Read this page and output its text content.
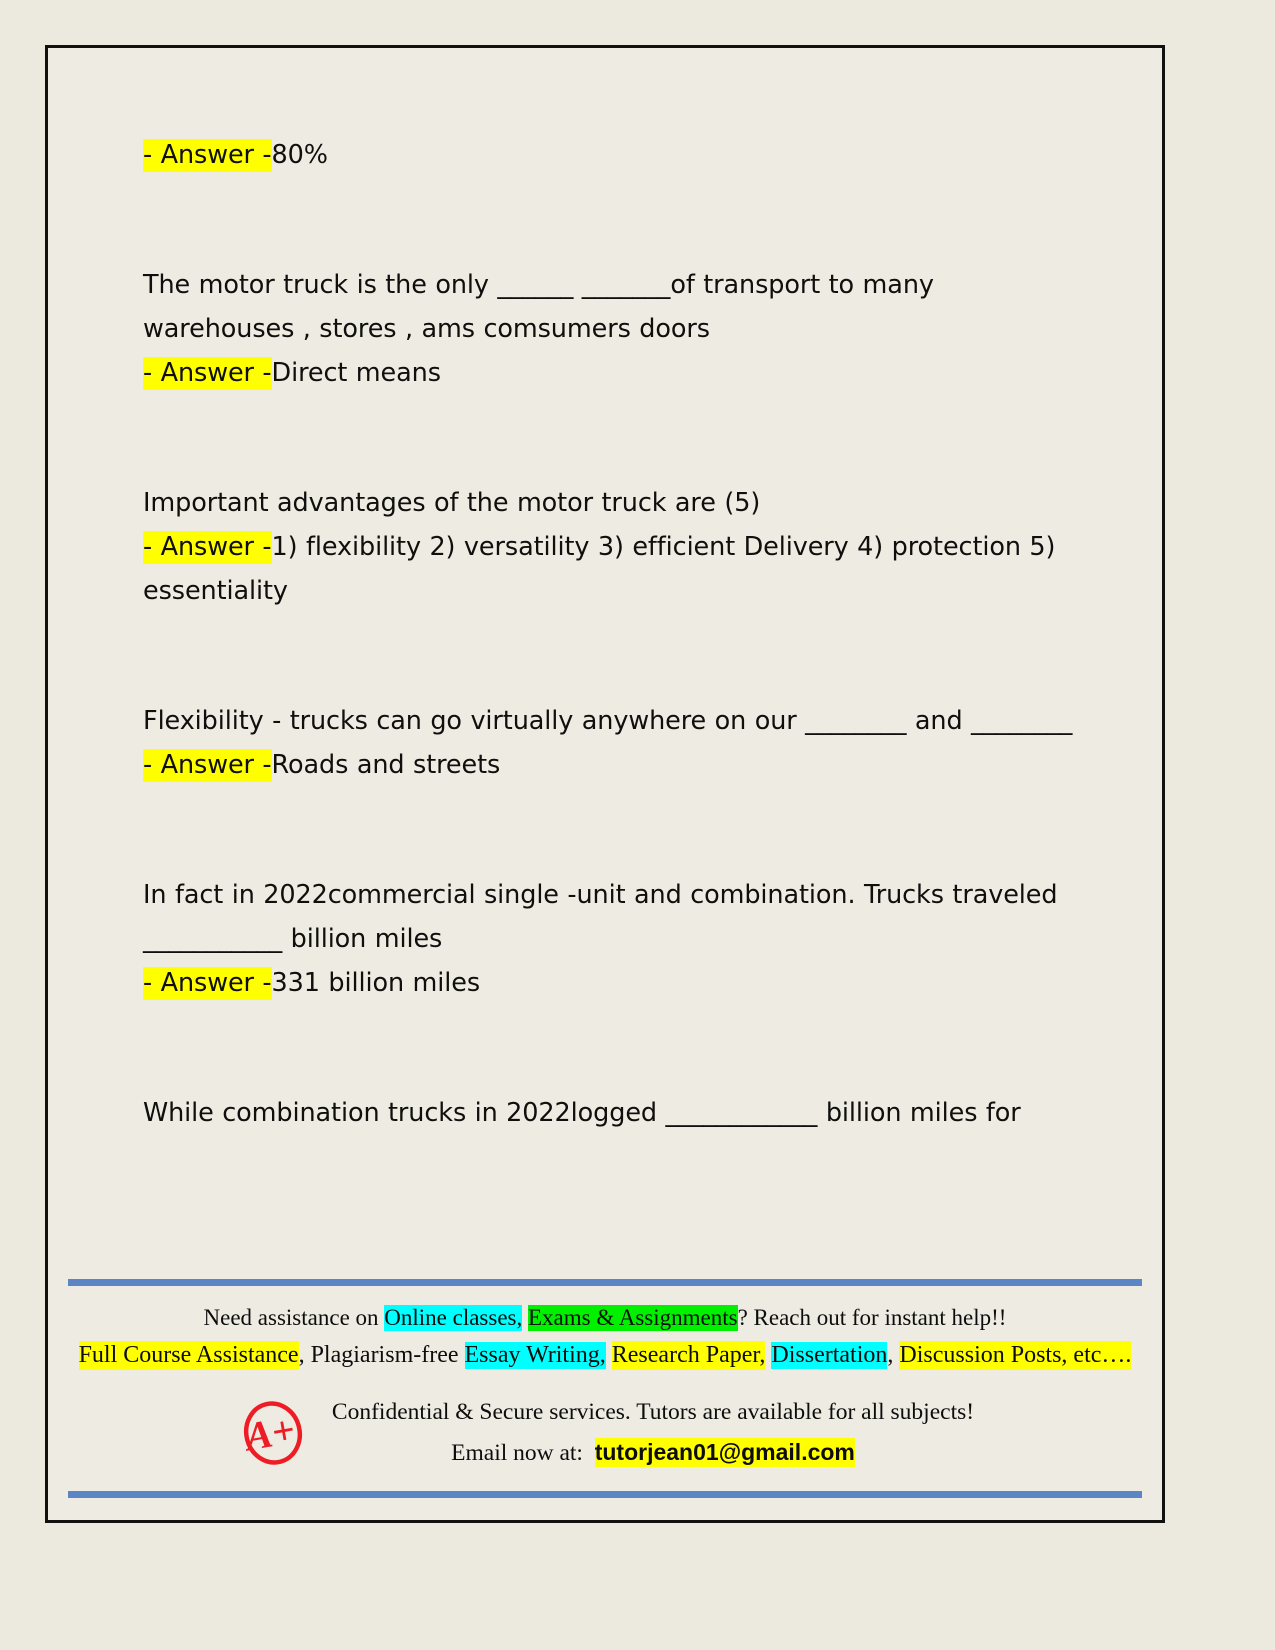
- Answer -80%

The motor truck is the only ______ _______of transport to many warehouses , stores , ams comsumers doors

- Answer -Direct means

Important advantages of the motor truck are (5)

- Answer -1) flexibility 2) versatility 3) efficient Delivery 4) protection 5) essentiality

Flexibility - trucks can go virtually anywhere on our ________ and ________

- Answer -Roads and streets

In fact in 2022commercial single -unit and combination. Trucks traveled ___________ billion miles

- Answer -331 billion miles

While combination trucks in 2022logged ____________ billion miles for

Need assistance on Online classes, Exams & Assignments? Reach out for instant help!!
Full Course Assistance, Plagiarism-free Essay Writing, Research Paper, Dissertation, Discussion Posts, etc….
A+ Confidential & Secure services. Tutors are available for all subjects!
Email now at: tutorjean01@gmail.com
